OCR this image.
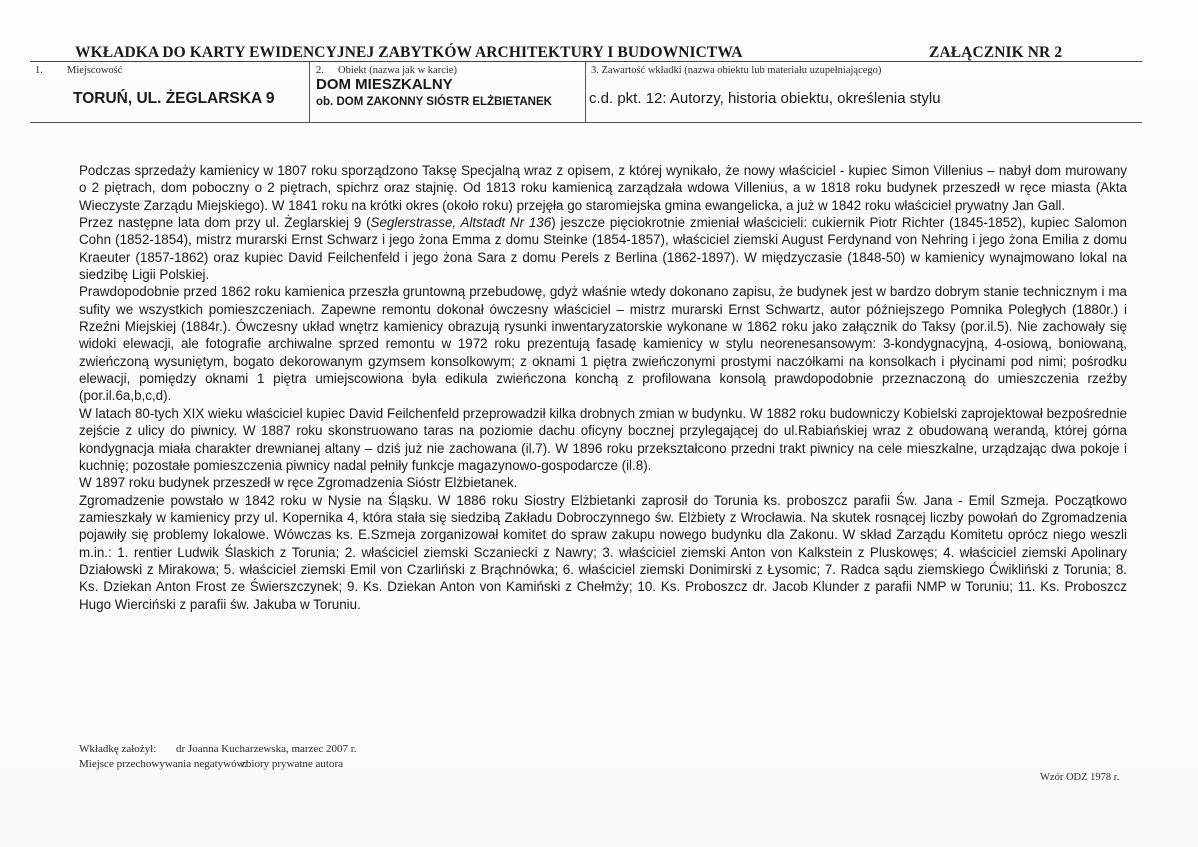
WKŁADKA DO KARTY EWIDENCYJNEJ ZABYTKÓW ARCHITEKTURY I BUDOWNICTWA	ZAŁĄCZNIK NR 2
1. Miejscowość
TORUŃ, UL. ŻEGLARSKA 9
2. Obiekt (nazwa jak w karcie)
DOM MIESZKALNY
ob. DOM ZAKONNY SIÓSTR ELŻBIETANEK
3. Zawartość wkładki (nazwa obiektu lub materiału uzupełniającego)
c.d. pkt. 12: Autorzy, historia obiektu, określenia stylu

Podczas sprzedaży kamienicy w 1807 roku sporządzono Taksę Specjalną wraz z opisem, z której wynikało, że nowy właściciel - kupiec Simon Villenius – nabył dom murowany o 2 piętrach, dom poboczny o 2 piętrach, spichrz oraz stajnię. Od 1813 roku kamienicą zarządzała wdowa Villenius, a w 1818 roku budynek przeszedł w ręce miasta (Akta Wieczyste Zarządu Miejskiego). W 1841 roku na krótki okres (około roku) przejęła go staromiejska gmina ewangelicka, a już w 1842 roku właściciel prywatny Jan Gall.

Przez następne lata dom przy ul. Żeglarskiej 9 (Seglerstrasse, Altstadt Nr 136) jeszcze pięciokrotnie zmieniał właścicieli: cukiernik Piotr Richter (1845-1852), kupiec Salomon Cohn (1852-1854), mistrz murarski Ernst Schwarz i jego żona Emma z domu Steinke (1854-1857), właściciel ziemski August Ferdynand von Nehring i jego żona Emilia z domu Kraeuter (1857-1862) oraz kupiec David Feilchenfeld i jego żona Sara z domu Perels z Berlina (1862-1897). W międzyczasie (1848-50) w kamienicy wynajmowano lokal na siedzibę Ligii Polskiej.

Prawdopodobnie przed 1862 roku kamienica przeszła gruntowną przebudowę, gdyż właśnie wtedy dokonano zapisu, że budynek jest w bardzo dobrym stanie technicznym i ma sufity we wszystkich pomieszczeniach. Zapewne remontu dokonał ówczesny właściciel – mistrz murarski Ernst Schwartz, autor późniejszego Pomnika Poległych (1880r.) i Rzeźni Miejskiej (1884r.). Ówczesny układ wnętrz kamienicy obrazują rysunki inwentaryzatorskie wykonane w 1862 roku jako załącznik do Taksy (por.il.5). Nie zachowały się widoki elewacji, ale fotografie archiwalne sprzed remontu w 1972 roku prezentują fasadę kamienicy w stylu neorenesansowym: 3-kondygnacyjną, 4-osiową, boniowaną, zwieńczoną wysuniętym, bogato dekorowanym gzymsem konsolkowym; z oknami 1 piętra zwieńczonymi prostymi naczółkami na konsolkach i płycinami pod nimi; pośrodku elewacji, pomiędzy oknami 1 piętra umiejscowiona była edikula zwieńczona konchą z profilowana konsolą prawdopodobnie przeznaczoną do umieszczenia rzeźby (por.il.6a,b,c,d).

W latach 80-tych XIX wieku właściciel kupiec David Feilchenfeld przeprowadził kilka drobnych zmian w budynku. W 1882 roku budowniczy Kobielski zaprojektował bezpośrednie zejście z ulicy do piwnicy. W 1887 roku skonstruowano taras na poziomie dachu oficyny bocznej przylegającej do ul.Rabiańskiej wraz z obudowaną werandą, której górna kondygnacja miała charakter drewnianej altany – dziś już nie zachowana (il.7). W 1896 roku przekształcono przedni trakt piwnicy na cele mieszkalne, urządzając dwa pokoje i kuchnię; pozostałe pomieszczenia piwnicy nadal pełniły funkcje magazynowo-gospodarcze (il.8).

W 1897 roku budynek przeszedł w ręce Zgromadzenia Sióstr Elżbietanek.

Zgromadzenie powstało w 1842 roku w Nysie na Śląsku. W 1886 roku Siostry Elżbietanki zaprosił do Torunia ks. proboszcz parafii Św. Jana - Emil Szmeja. Początkowo zamieszkały w kamienicy przy ul. Kopernika 4, która stała się siedzibą Zakładu Dobroczynnego św. Elżbiety z Wrocławia. Na skutek rosnącej liczby powołań do Zgromadzenia pojawiły się problemy lokalowe. Wówczas ks. E.Szmeja zorganizował komitet do spraw zakupu nowego budynku dla Zakonu. W skład Zarządu Komitetu oprócz niego weszli m.in.: 1. rentier Ludwik Ślaskich z Torunia; 2. właściciel ziemski Sczaniecki z Nawry; 3. właściciel ziemski Anton von Kalkstein z Pluskowęs; 4. właściciel ziemski Apolinary Działowski z Mirakowa; 5. właściciel ziemski Emil von Czarliński z Brąchnówka; 6. właściciel ziemski Donimirski z Łysomic; 7. Radca sądu ziemskiego Ćwikliński z Torunia; 8. Ks. Dziekan Anton Frost ze Świerszczynek; 9. Ks. Dziekan Anton von Kamiński z Chełmży; 10. Ks. Proboszcz dr. Jacob Klunder z parafii NMP w Toruniu; 11. Ks. Proboszcz Hugo Wierciński z parafii św. Jakuba w Toruniu.

Wkładkę założył: dr Joanna Kucharzewska, marzec 2007 r.
Miejsce przechowywania negatywów:zbiory prywatne autora
Wzór ODZ 1978 r.
